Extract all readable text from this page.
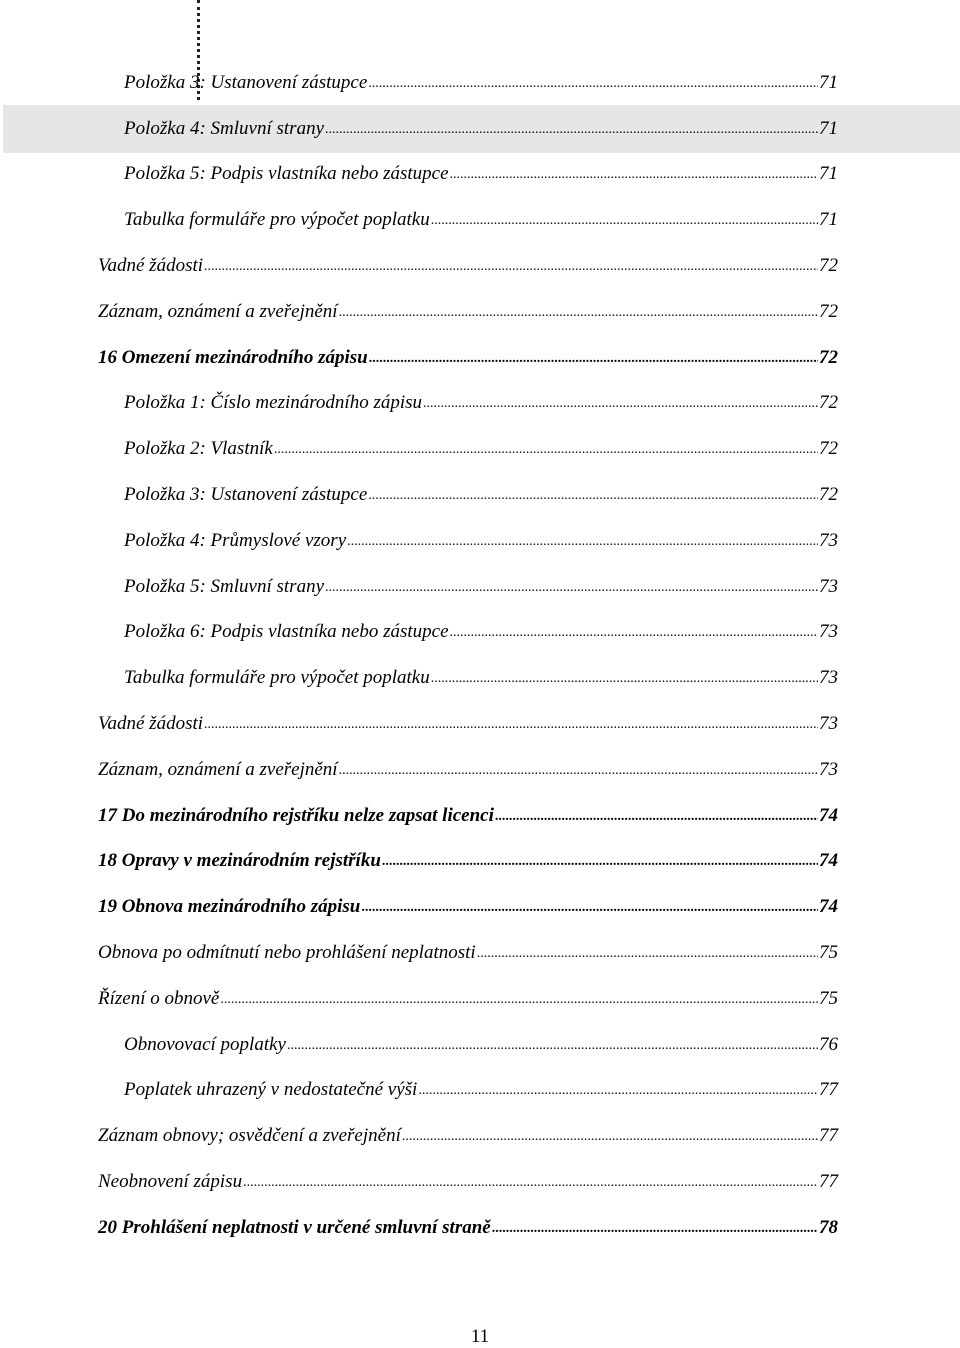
Položka 3: Ustanovení zástupce .....	71
Položka 4: Smluvní strany .....	71
Položka 5: Podpis vlastníka nebo zástupce .....	71
Tabulka formuláře pro výpočet poplatku .....	71
Vadné žádosti .....	72
Záznam, oznámení a zveřejnění .....	72
16 Omezení mezinárodního zápisu .....	72
Položka 1: Číslo mezinárodního zápisu .....	72
Položka 2: Vlastník .....	72
Položka 3: Ustanovení zástupce .....	72
Položka 4: Průmyslové vzory .....	73
Položka 5: Smluvní strany .....	73
Položka 6: Podpis vlastníka nebo zástupce .....	73
Tabulka formuláře pro výpočet poplatku .....	73
Vadné žádosti .....	73
Záznam, oznámení a zveřejnění .....	73
17 Do mezinárodního rejstříku nelze zapsat licenci .....	74
18 Opravy v mezinárodním rejstříku .....	74
19 Obnova mezinárodního zápisu .....	74
Obnova po odmítnutí nebo prohlášení neplatnosti .....	75
Řízení o obnově .....	75
Obnovovací poplatky .....	76
Poplatek uhrazený v nedostatečné výši .....	77
Záznam obnovy; osvědčení a zveřejnění .....	77
Neobnovení zápisu .....	77
20 Prohlášení neplatnosti v určené smluvní straně .....	78
11
